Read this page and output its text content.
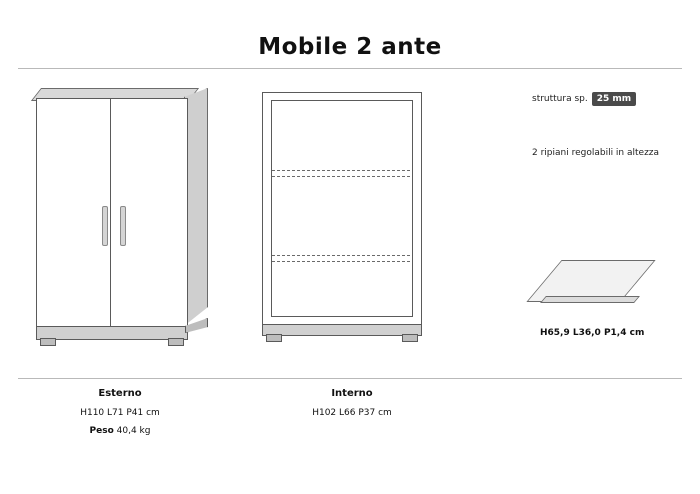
Mobile 2 ante
struttura sp.	25 mm
2 ripiani regolabili in altezza
H65,9 L36,0 P1,4 cm
Esterno
H110 L71 P41 cm
Peso 40,4 kg
Interno
H102 L66 P37 cm
